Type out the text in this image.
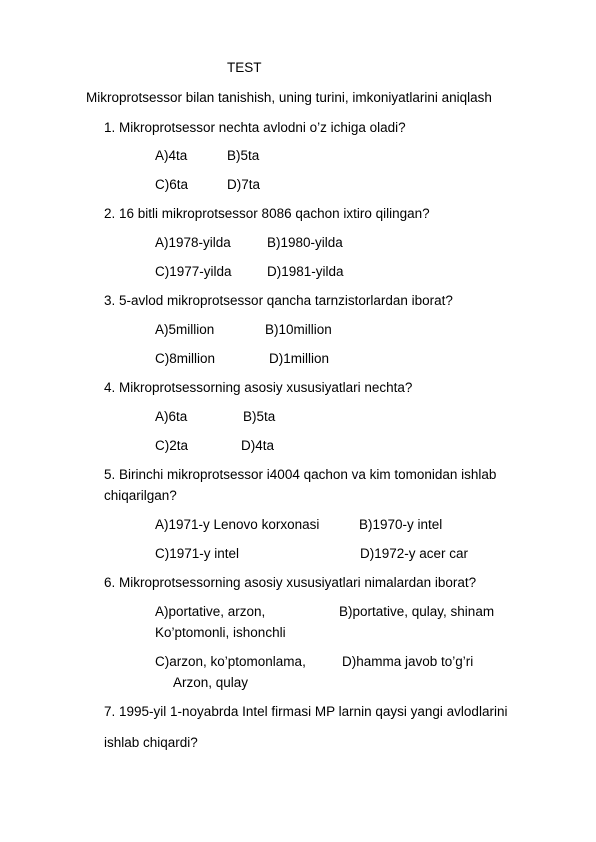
TEST
Mikroprotsessor bilan tanishish, uning turini, imkoniyatlarini aniqlash
1. Mikroprotsessor nechta avlodni o’z ichiga oladi?
A)4ta	B)5ta
C)6ta	D)7ta
2. 16 bitli mikroprotsessor 8086 qachon ixtiro qilingan?
A)1978-yilda	B)1980-yilda
C)1977-yilda	D)1981-yilda
3. 5-avlod mikroprotsessor qancha tarnzistorlardan iborat?
A)5million	B)10million
C)8million	D)1million
4. Mikroprotsessorning asosiy xususiyatlari nechta?
A)6ta	B)5ta
C)2ta	D)4ta
5. Birinchi mikroprotsessor i4004 qachon va kim tomonidan ishlab
chiqarilgan?
A)1971-y Lenovo korxonasi	B)1970-y intel
C)1971-y intel	D)1972-y acer car
6. Mikroprotsessorning asosiy xususiyatlari nimalardan iborat?
A)portative, arzon,	B)portative, qulay, shinam
Ko’ptomonli, ishonchli
C)arzon, ko’ptomonlama,	D)hamma javob to’g’ri
Arzon, qulay
7. 1995-yil 1-noyabrda Intel firmasi MP larnin qaysi yangi avlodlarini
ishlab chiqardi?
